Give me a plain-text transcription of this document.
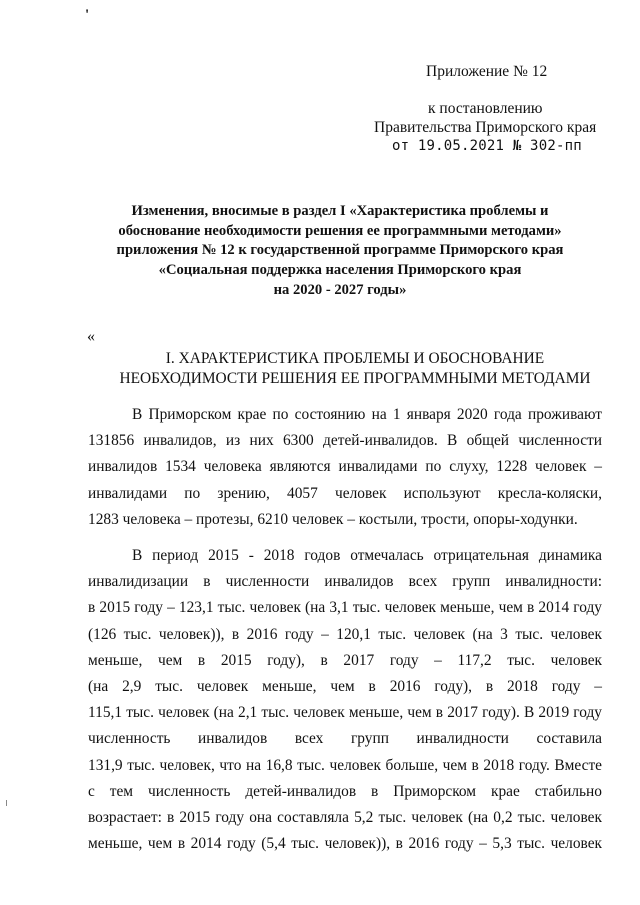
'
Приложение № 12
к постановлению
Правительства Приморского края
от 19.05.2021 № 302-пп
Изменения, вносимые в раздел I «Характеристика проблемы и
обоснование необходимости решения ее программными методами»
приложения № 12 к государственной программе Приморского края
«Социальная поддержка населения Приморского края
на 2020 - 2027 годы»
«
I. ХАРАКТЕРИСТИКА ПРОБЛЕМЫ И ОБОСНОВАНИЕ
НЕОБХОДИМОСТИ РЕШЕНИЯ ЕЕ ПРОГРАММНЫМИ МЕТОДАМИ
В Приморском крае по состоянию на 1 января 2020 года проживают
131856 инвалидов, из них 6300 детей-инвалидов. В общей численности
инвалидов 1534 человека являются инвалидами по слуху, 1228 человек –
инвалидами по зрению, 4057 человек используют кресла-коляски,
1283 человека – протезы, 6210 человек – костыли, трости, опоры-ходунки.
В период 2015 - 2018 годов отмечалась отрицательная динамика
инвалидизации в численности инвалидов всех групп инвалидности:
в 2015 году – 123,1 тыс. человек (на 3,1 тыс. человек меньше, чем в 2014 году
(126 тыс. человек)), в 2016 году – 120,1 тыс. человек (на 3 тыс. человек
меньше, чем в 2015 году), в 2017 году – 117,2 тыс. человек
(на 2,9 тыс. человек меньше, чем в 2016 году), в 2018 году –
115,1 тыс. человек (на 2,1 тыс. человек меньше, чем в 2017 году). В 2019 году
численность инвалидов всех групп инвалидности составила
131,9 тыс. человек, что на 16,8 тыс. человек больше, чем в 2018 году. Вместе
с тем численность детей-инвалидов в Приморском крае стабильно
возрастает: в 2015 году она составляла 5,2 тыс. человек (на 0,2 тыс. человек
меньше, чем в 2014 году (5,4 тыс. человек)), в 2016 году – 5,3 тыс. человек
